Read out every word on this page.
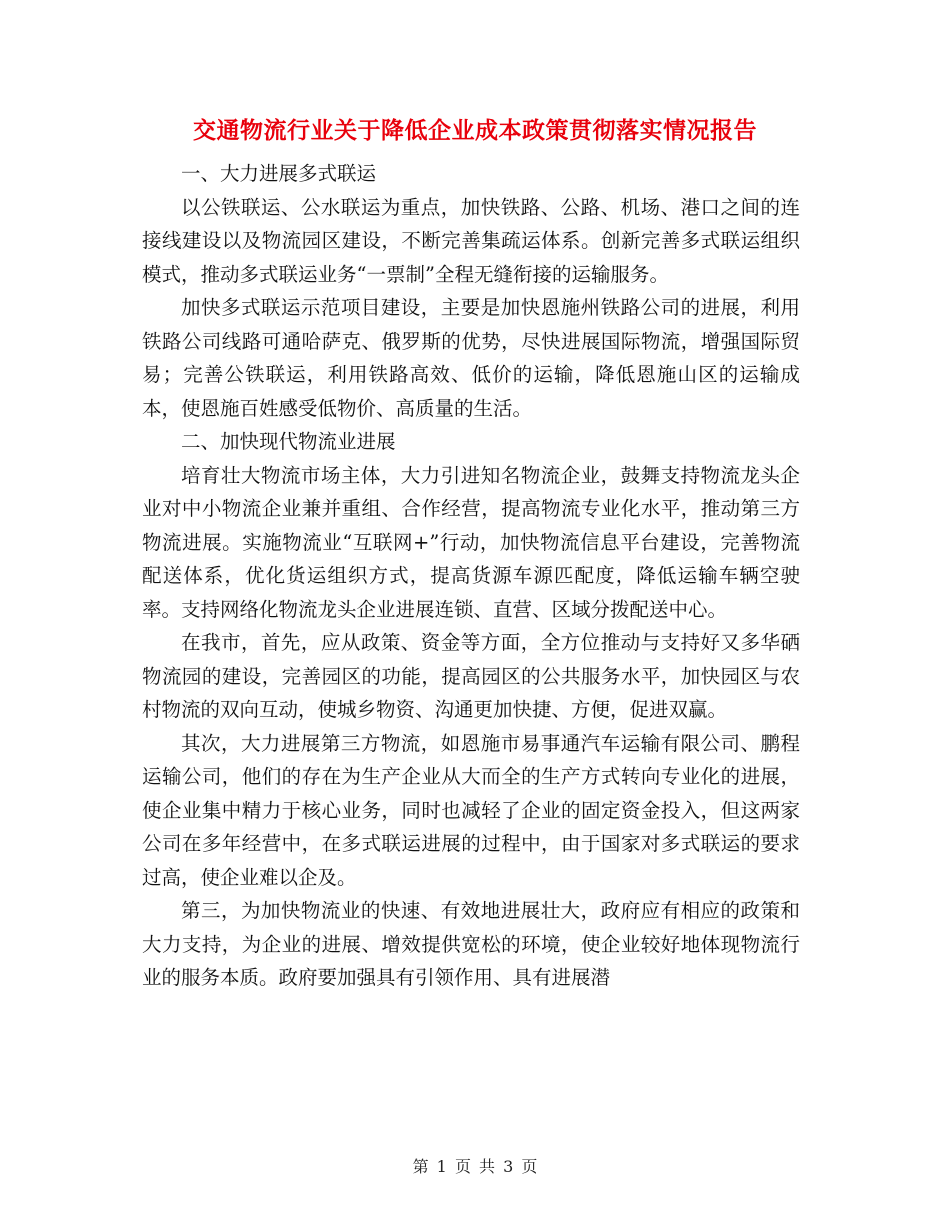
交通物流行业关于降低企业成本政策贯彻落实情况报告

一、大力进展多式联运

以公铁联运、公水联运为重点，加快铁路、公路、机场、港口之间的连接线建设以及物流园区建设，不断完善集疏运体系。创新完善多式联运组织模式，推动多式联运业务“一票制”全程无缝衔接的运输服务。

加快多式联运示范项目建设，主要是加快恩施州铁路公司的进展，利用铁路公司线路可通哈萨克、俄罗斯的优势，尽快进展国际物流，增强国际贸易；完善公铁联运，利用铁路高效、低价的运输，降低恩施山区的运输成本，使恩施百姓感受低物价、高质量的生活。

二、加快现代物流业进展

培育壮大物流市场主体，大力引进知名物流企业，鼓舞支持物流龙头企业对中小物流企业兼并重组、合作经营，提高物流专业化水平，推动第三方物流进展。实施物流业“互联网+”行动，加快物流信息平台建设，完善物流配送体系，优化货运组织方式，提高货源车源匹配度，降低运输车辆空驶率。支持网络化物流龙头企业进展连锁、直营、区域分拨配送中心。

在我市，首先，应从政策、资金等方面，全方位推动与支持好又多华硒物流园的建设，完善园区的功能，提高园区的公共服务水平，加快园区与农村物流的双向互动，使城乡物资、沟通更加快捷、方便，促进双赢。

其次，大力进展第三方物流，如恩施市易事通汽车运输有限公司、鹏程运输公司，他们的存在为生产企业从大而全的生产方式转向专业化的进展，使企业集中精力于核心业务，同时也减轻了企业的固定资金投入，但这两家公司在多年经营中，在多式联运进展的过程中，由于国家对多式联运的要求过高，使企业难以企及。

第三，为加快物流业的快速、有效地进展壮大，政府应有相应的政策和大力支持，为企业的进展、增效提供宽松的环境，使企业较好地体现物流行业的服务本质。政府要加强具有引领作用、具有进展潜

第 1 页 共 3 页
